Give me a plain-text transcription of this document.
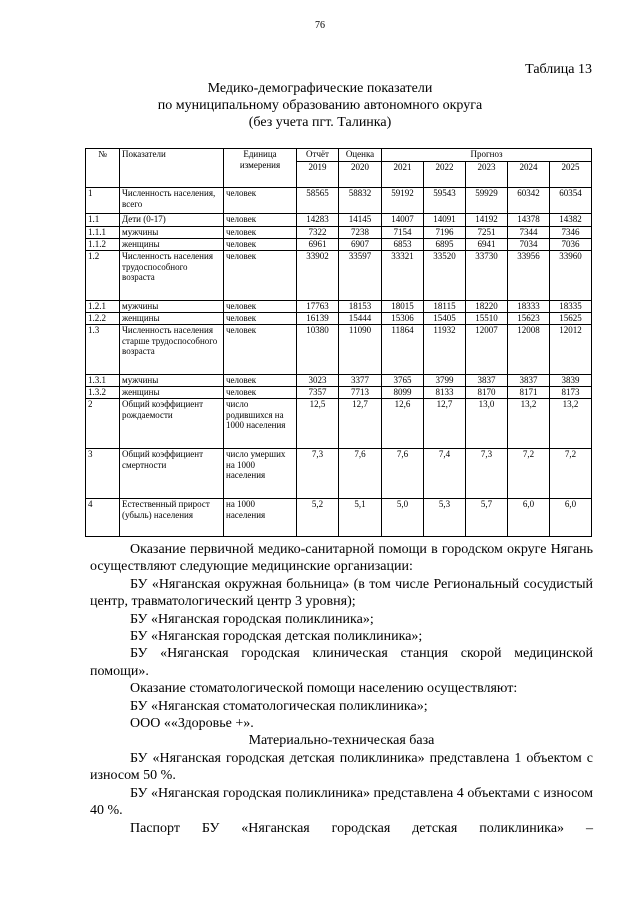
76
Таблица 13
Медико-демографические показатели
по муниципальному образованию автономного округа
(без учета пгт. Талинка)
№	Показатели	Единица измерения	Отчёт	Оценка	Прогноз				
			2019	2020	2021	2022	2023	2024	2025
1	Численность населения, всего	человек	58565	58832	59192	59543	59929	60342	60354
1.1	Дети (0-17)	человек	14283	14145	14007	14091	14192	14378	14382
1.1.1	мужчины	человек	7322	7238	7154	7196	7251	7344	7346
1.1.2	женщины	человек	6961	6907	6853	6895	6941	7034	7036
1.2	Численность населения трудоспособного возраста	человек	33902	33597	33321	33520	33730	33956	33960
1.2.1	мужчины	человек	17763	18153	18015	18115	18220	18333	18335
1.2.2	женщины	человек	16139	15444	15306	15405	15510	15623	15625
1.3	Численность населения старше трудоспособного возраста	человек	10380	11090	11864	11932	12007	12008	12012
1.3.1	мужчины	человек	3023	3377	3765	3799	3837	3837	3839
1.3.2	женщины	человек	7357	7713	8099	8133	8170	8171	8173
2	Общий коэффициент рождаемости	число родившихся на 1000 населения	12,5	12,7	12,6	12,7	13,0	13,2	13,2
3	Общий коэффициент смертности	число умерших на 1000 населения	7,3	7,6	7,6	7,4	7,3	7,2	7,2
4	Естественный прирост (убыль) населения	на 1000 населения	5,2	5,1	5,0	5,3	5,7	6,0	6,0

Оказание первичной медико-санитарной помощи в городском округе Нягань осуществляют следующие медицинские организации:

БУ «Няганская окружная больница» (в том числе Региональный сосудистый центр, травматологический центр 3 уровня);

БУ «Няганская городская поликлиника»;

БУ «Няганская городская детская поликлиника»;

БУ «Няганская городская клиническая станция скорой медицинской помощи».

Оказание стоматологической помощи населению осуществляют:

БУ «Няганская стоматологическая поликлиника»;

ООО ««Здоровье +».

Материально-техническая база

БУ «Няганская городская детская поликлиника» представлена 1 объектом с износом 50 %.

БУ «Няганская городская поликлиника» представлена 4 объектами с износом 40 %.

Паспорт БУ «Няганская городская детская поликлиника» –
